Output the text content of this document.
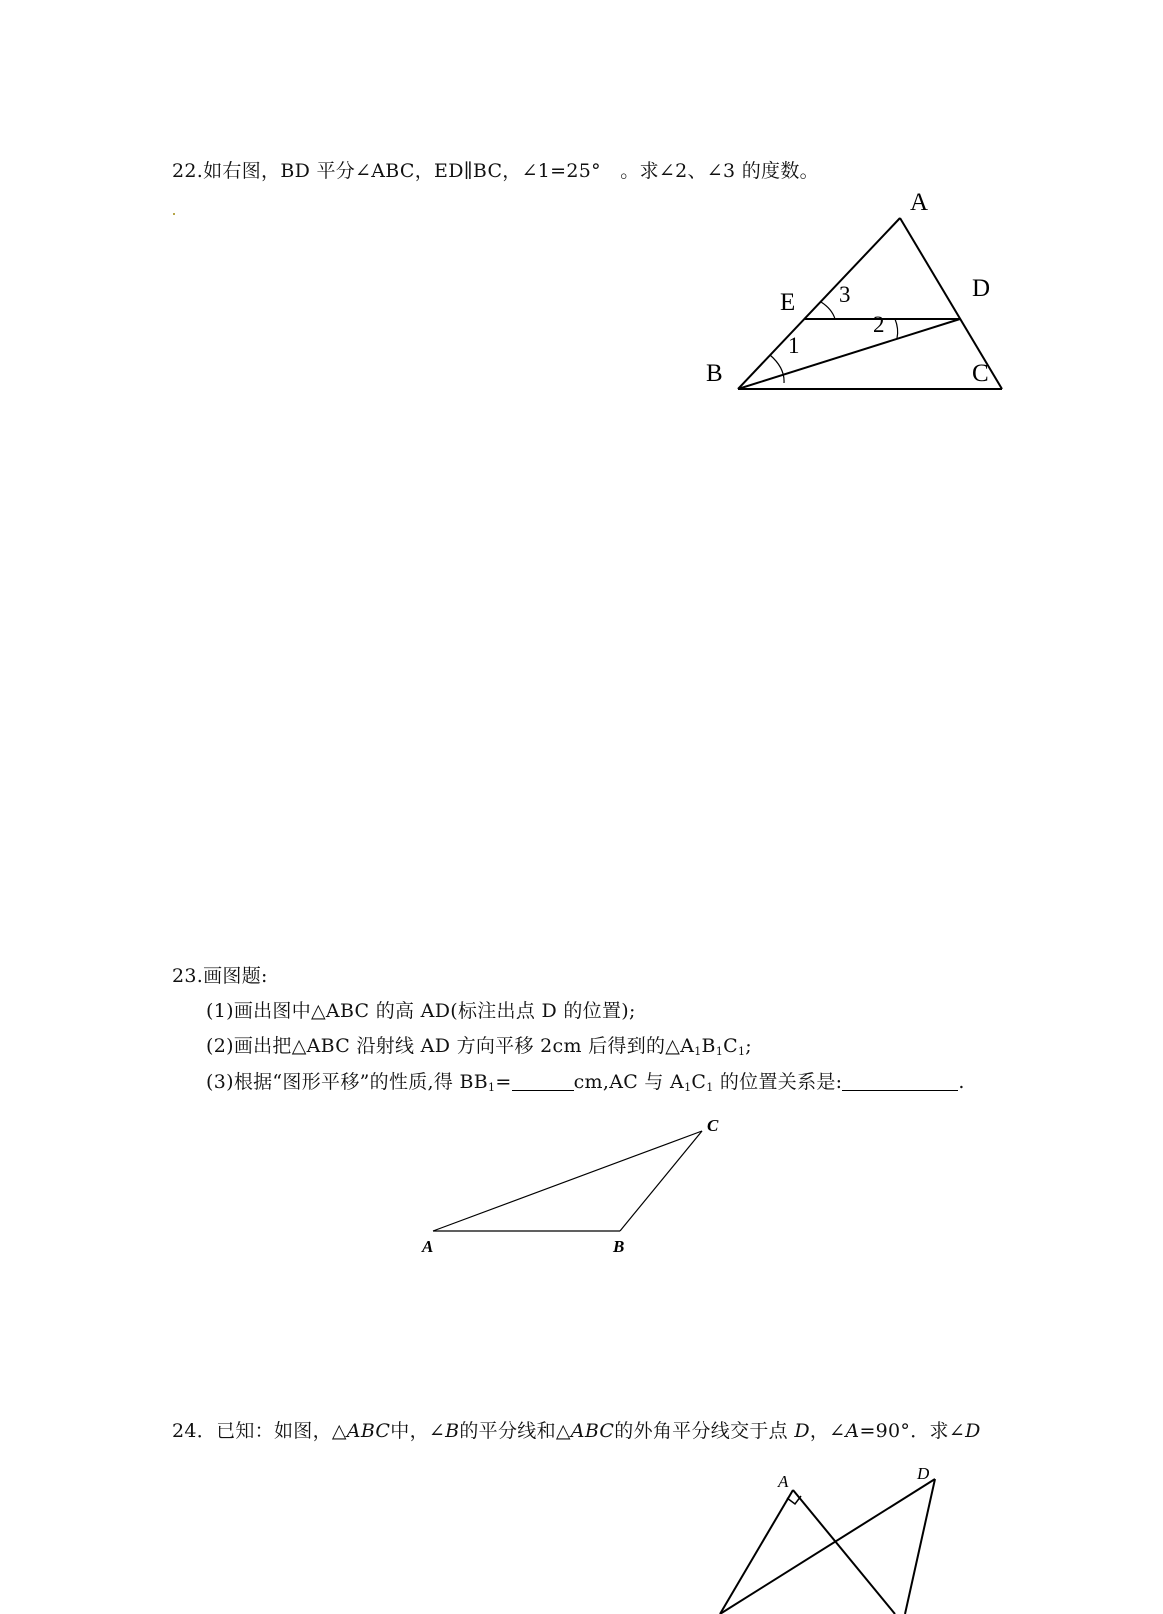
22.如右图，BD 平分∠ABC，ED∥BC，∠1=25°　。求∠2、∠3 的度数。
A
D
E
B	C
3
2
1
23.画图题:
(1)画出图中△ABC 的高 AD(标注出点 D 的位置);
(2)画出把△ABC 沿射线 AD 方向平移 2cm 后得到的$\triangle A_1B_1C_1$;
(3)根据“图形平移”的性质,得 $BB_1=$	cm,AC 与 $A_1C_1$ 的位置关系是:	.
A	B
C
24．已知：如图，△ABC中，∠B的平分线和△ABC的外角平分线交于点 D，∠A=90°．求∠D
A	D
